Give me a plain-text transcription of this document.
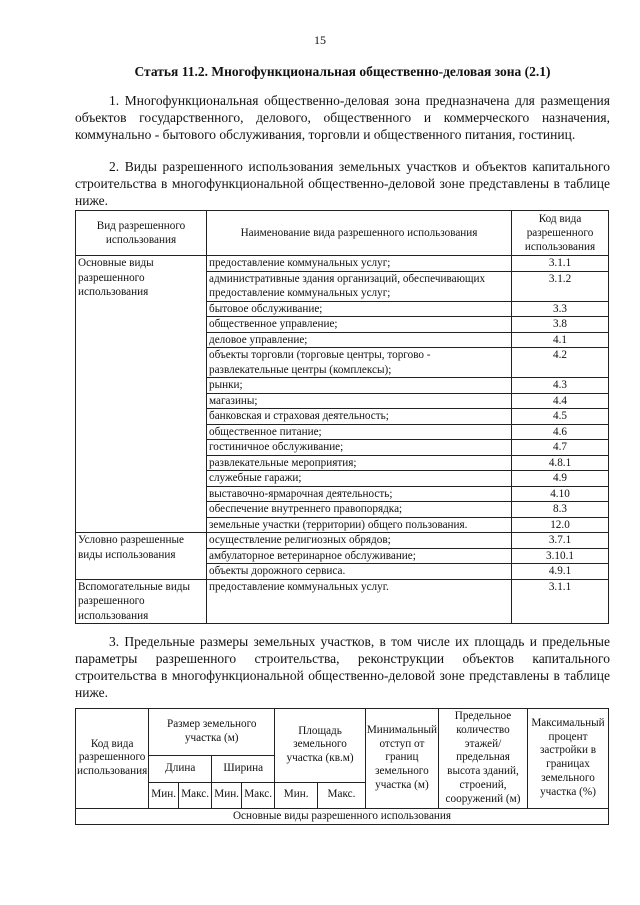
15
Статья 11.2. Многофункциональная общественно-деловая зона (2.1)
1. Многофункциональная общественно-деловая зона предназначена для размещения объектов государственного, делового, общественного и коммерческого назначения, коммунально - бытового обслуживания, торговли и общественного питания, гостиниц.
2. Виды разрешенного использования земельных участков и объектов капитального строительства в многофункциональной общественно-деловой зоне представлены в таблице ниже.
Вид разрешенного использования	Наименование вида разрешенного использования	Код вида разрешенного использования
Основные виды разрешенного использования	предоставление коммунальных услуг;	3.1.1
	административные здания организаций, обеспечивающих предоставление коммунальных услуг;	3.1.2
	бытовое обслуживание;	3.3
	общественное управление;	3.8
	деловое управление;	4.1
	объекты торговли (торговые центры, торгово - развлекательные центры (комплексы);	4.2
	рынки;	4.3
	магазины;	4.4
	банковская и страховая деятельность;	4.5
	общественное питание;	4.6
	гостиничное обслуживание;	4.7
	развлекательные мероприятия;	4.8.1
	служебные гаражи;	4.9
	выставочно-ярмарочная деятельность;	4.10
	обеспечение внутреннего правопорядка;	8.3
	земельные участки (территории) общего пользования.	12.0
Условно разрешенные виды использования	осуществление религиозных обрядов;	3.7.1
	амбулаторное ветеринарное обслуживание;	3.10.1
	объекты дорожного сервиса.	4.9.1
Вспомогательные виды разрешенного использования	предоставление коммунальных услуг.	3.1.1
3. Предельные размеры земельных участков, в том числе их площадь и предельные параметры разрешенного строительства, реконструкции объектов капитального строительства в многофункциональной общественно-деловой зоне представлены в таблице ниже.
Код вида разрешенного использования	Размер земельного участка (м)				Площадь земельного участка (кв.м)		Минимальный отступ от границ земельного участка (м)	Предельное количество этажей/ предельная высота зданий, строений, сооружений (м)	Максимальный процент застройки в границах земельного участка (%)
	Длина		Ширина						
	Мин.	Макс.	Мин.	Макс.	Мин.	Макс.			
Основные виды разрешенного использования									
